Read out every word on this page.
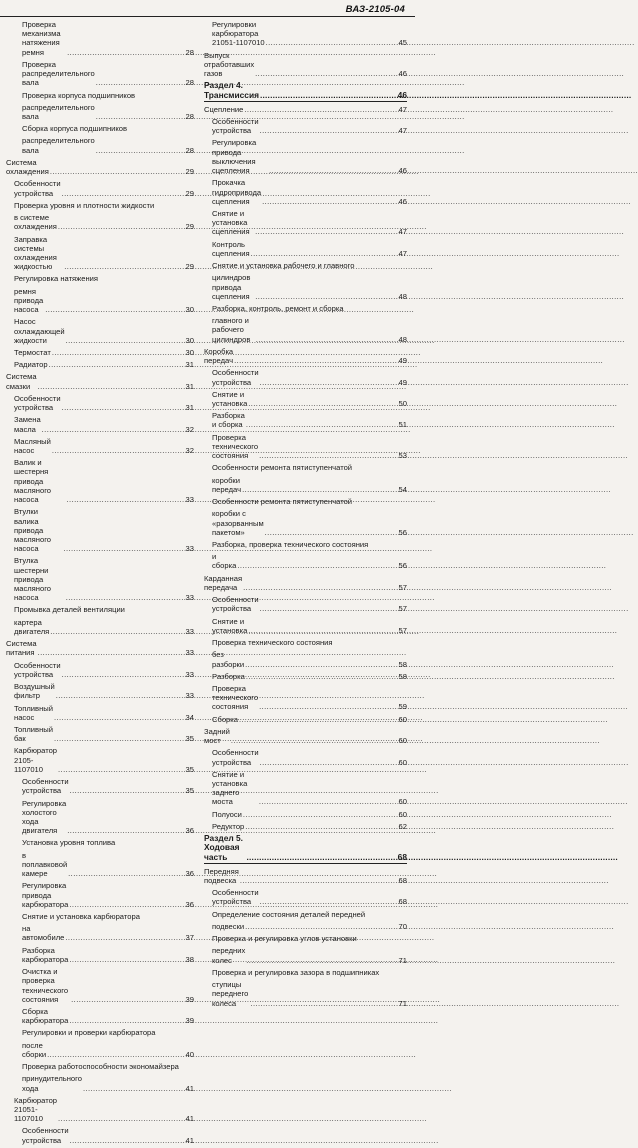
ВАЗ-2105-04
Проверка механизма натяжения ремня .....	28
Проверка распределительного вала .....	28
Проверка корпуса подшипников
распределительного вала .....	28
Сборка корпуса подшипников
распределительного вала .....	28
Система охлаждения .....	29
Особенности устройства .....	29
Проверка уровня и плотности жидкости
в системе охлаждения .....	29
Заправка системы охлаждения жидкостью .....	29
Регулировка натяжения
ремня привода насоса .....	30
Насос охлаждающей жидкости .....	30
Термостат .....	30
Радиатор .....	31
Система смазки .....	31
Особенности устройства .....	31
Замена масла .....	32
Масляный насос .....	32
Валик и шестерня привода масляного насоса .....	33
Втулки валика привода масляного насоса .....	33
Втулка шестерни привода масляного насоса .....	33
Промывка деталей вентиляции
картера двигателя .....	33
Система питания .....	33
Особенности устройства .....	33
Воздушный фильтр .....	33
Топливный насос .....	34
Топливный бак .....	35
Карбюратор 2105-1107010 .....	35
Особенности устройства .....	35
Регулировка холостого хода двигателя .....	36
Установка уровня топлива
в поплавковой камере .....	36
Регулировка привода карбюратора .....	36
Снятие и установка карбюратора
на автомобиле .....	37
Разборка карбюратора .....	38
Очистка и проверка технического состояния .....	39
Сборка карбюратора .....	39
Регулировки и проверки карбюратора
после сборки .....	40
Проверка работоспособности экономайзера
принудительного хода .....	41
Карбюратор 21051-1107010 .....	41
Особенности устройства .....	41
Регулировки карбюратора 21051-1107010 .....	45
Выпуск отработавших газов .....	46
Раздел 4. Трансмиссия .....	46
Сцепление .....	47
Особенности устройства .....	47
Регулировка привода выключения сцепления .....	46
Прокачка гидропривода сцепления .....	46
Снятие и установка сцепления .....	47
Контроль сцепления .....	47
Снятие и установка рабочего и главного
цилиндров привода сцепления .....	48
Разборка, контроль, ремонт и сборка
главного и рабочего цилиндров .....	48
Коробка передач .....	49
Особенности устройства .....	49
Снятие и установка .....	50
Разборка и сборка .....	51
Проверка технического состояния .....	53
Особенности ремонта пятиступенчатой
коробки передач .....	54
Особенности ремонта пятиступенчатой
коробки с «разорванным пакетом» .....	56
Разборка, проверка технического состояния
и сборка .....	56
Карданная передача .....	57
Особенности устройства .....	57
Снятие и установка .....	57
Проверка технического состояния
без разборки .....	58
Разборка .....	58
Проверка технического состояния .....	59
Сборка .....	60
Задний мост .....	60
Особенности устройства .....	60
Снятие и установка заднего моста .....	60
Полуоси .....	60
Редуктор .....	62
Раздел 5. Ходовая часть .....	68
Передняя подвеска .....	68
Особенности устройства .....	68
Определение состояния деталей передней
подвески .....	70
Проверка и регулировка углов установки
передних колес .....	71
Проверка и регулировка зазора в подшипниках
ступицы переднего колеса .....	71
